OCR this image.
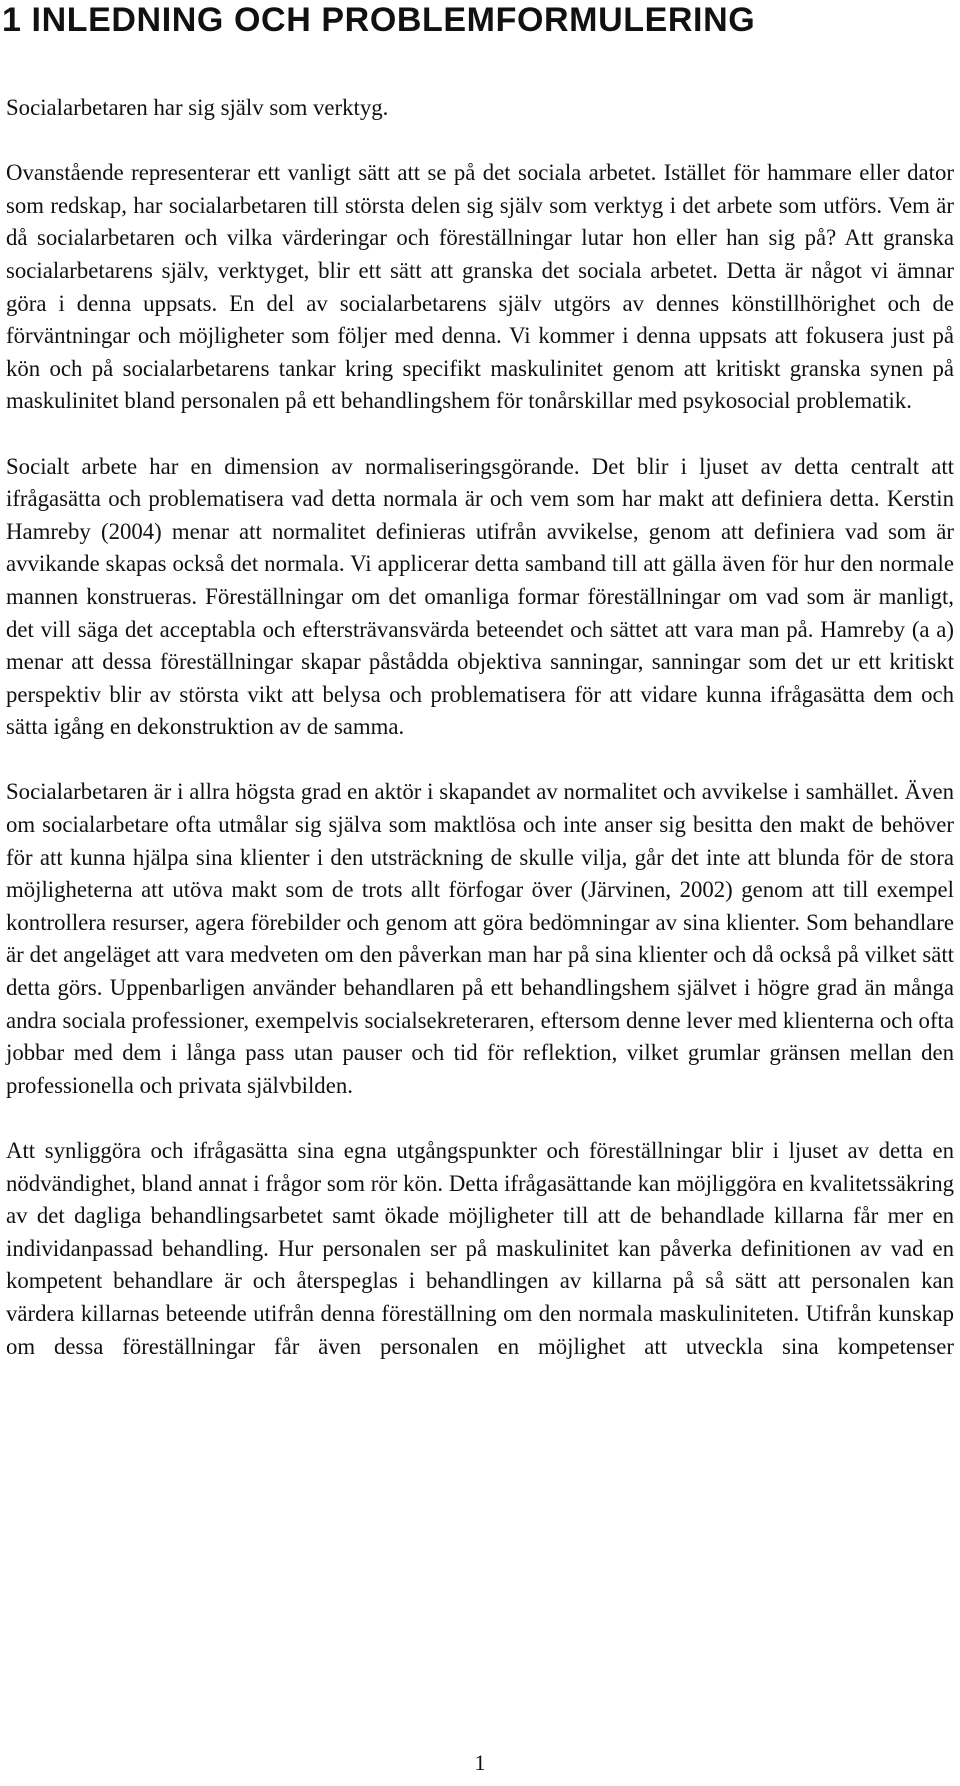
1 INLEDNING OCH PROBLEMFORMULERING

Socialarbetaren har sig själv som verktyg.

Ovanstående representerar ett vanligt sätt att se på det sociala arbetet. Istället för hammare eller dator som redskap, har socialarbetaren till största delen sig själv som verktyg i det arbete som utförs. Vem är då socialarbetaren och vilka värderingar och föreställningar lutar hon eller han sig på? Att granska socialarbetarens själv, verktyget, blir ett sätt att granska det sociala arbetet. Detta är något vi ämnar göra i denna uppsats. En del av socialarbetarens själv utgörs av dennes könstillhörighet och de förväntningar och möjligheter som följer med denna. Vi kommer i denna uppsats att fokusera just på kön och på socialarbetarens tankar kring specifikt maskulinitet genom att kritiskt granska synen på maskulinitet bland personalen på ett behandlingshem för tonårskillar med psykosocial problematik.

Socialt arbete har en dimension av normaliseringsgörande. Det blir i ljuset av detta centralt att ifrågasätta och problematisera vad detta normala är och vem som har makt att definiera detta. Kerstin Hamreby (2004) menar att normalitet definieras utifrån avvikelse, genom att definiera vad som är avvikande skapas också det normala. Vi applicerar detta samband till att gälla även för hur den normale mannen konstrueras. Föreställningar om det omanliga formar föreställningar om vad som är manligt, det vill säga det acceptabla och eftersträvansvärda beteendet och sättet att vara man på. Hamreby (a a) menar att dessa föreställningar skapar påstådda objektiva sanningar, sanningar som det ur ett kritiskt perspektiv blir av största vikt att belysa och problematisera för att vidare kunna ifrågasätta dem och sätta igång en dekonstruktion av de samma.

Socialarbetaren är i allra högsta grad en aktör i skapandet av normalitet och avvikelse i samhället. Även om socialarbetare ofta utmålar sig själva som maktlösa och inte anser sig besitta den makt de behöver för att kunna hjälpa sina klienter i den utsträckning de skulle vilja, går det inte att blunda för de stora möjligheterna att utöva makt som de trots allt förfogar över (Järvinen, 2002) genom att till exempel kontrollera resurser, agera förebilder och genom att göra bedömningar av sina klienter. Som behandlare är det angeläget att vara medveten om den påverkan man har på sina klienter och då också på vilket sätt detta görs. Uppenbarligen använder behandlaren på ett behandlingshem självet i högre grad än många andra sociala professioner, exempelvis socialsekreteraren, eftersom denne lever med klienterna och ofta jobbar med dem i långa pass utan pauser och tid för reflektion, vilket grumlar gränsen mellan den professionella och privata självbilden.

Att synliggöra och ifrågasätta sina egna utgångspunkter och föreställningar blir i ljuset av detta en nödvändighet, bland annat i frågor som rör kön. Detta ifrågasättande kan möjliggöra en kvalitetssäkring av det dagliga behandlingsarbetet samt ökade möjligheter till att de behandlade killarna får mer en individanpassad behandling. Hur personalen ser på maskulinitet kan påverka definitionen av vad en kompetent behandlare är och återspeglas i behandlingen av killarna på så sätt att personalen kan värdera killarnas beteende utifrån denna föreställning om den normala maskuliniteten. Utifrån kunskap om dessa föreställningar får även personalen en möjlighet att utveckla sina kompetenser

1
